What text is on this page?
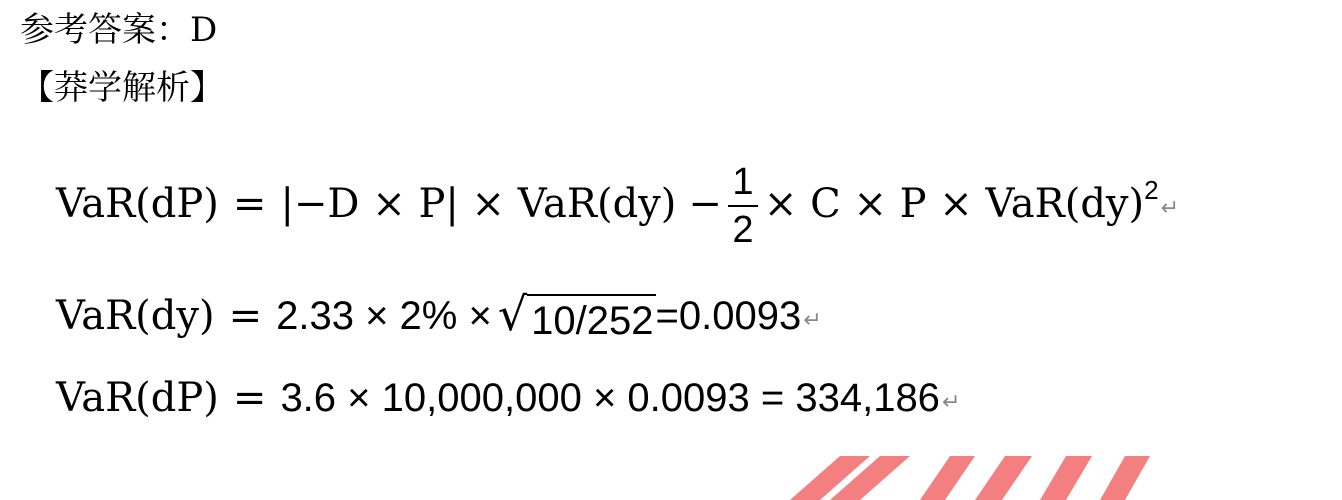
参考答案：D
【莽学解析】
$VaR(dP) = |-D \times P| \times VaR(dy) - \frac{1}{2} \times C \times P \times VaR(dy)$ 2
↵
VaR(dy) = 2.33 × 2% × √ 10/252 =0.0093 ↵
VaR(dP) = 3.6 × 10,000,000 × 0.0093 = 334,186 ↵
